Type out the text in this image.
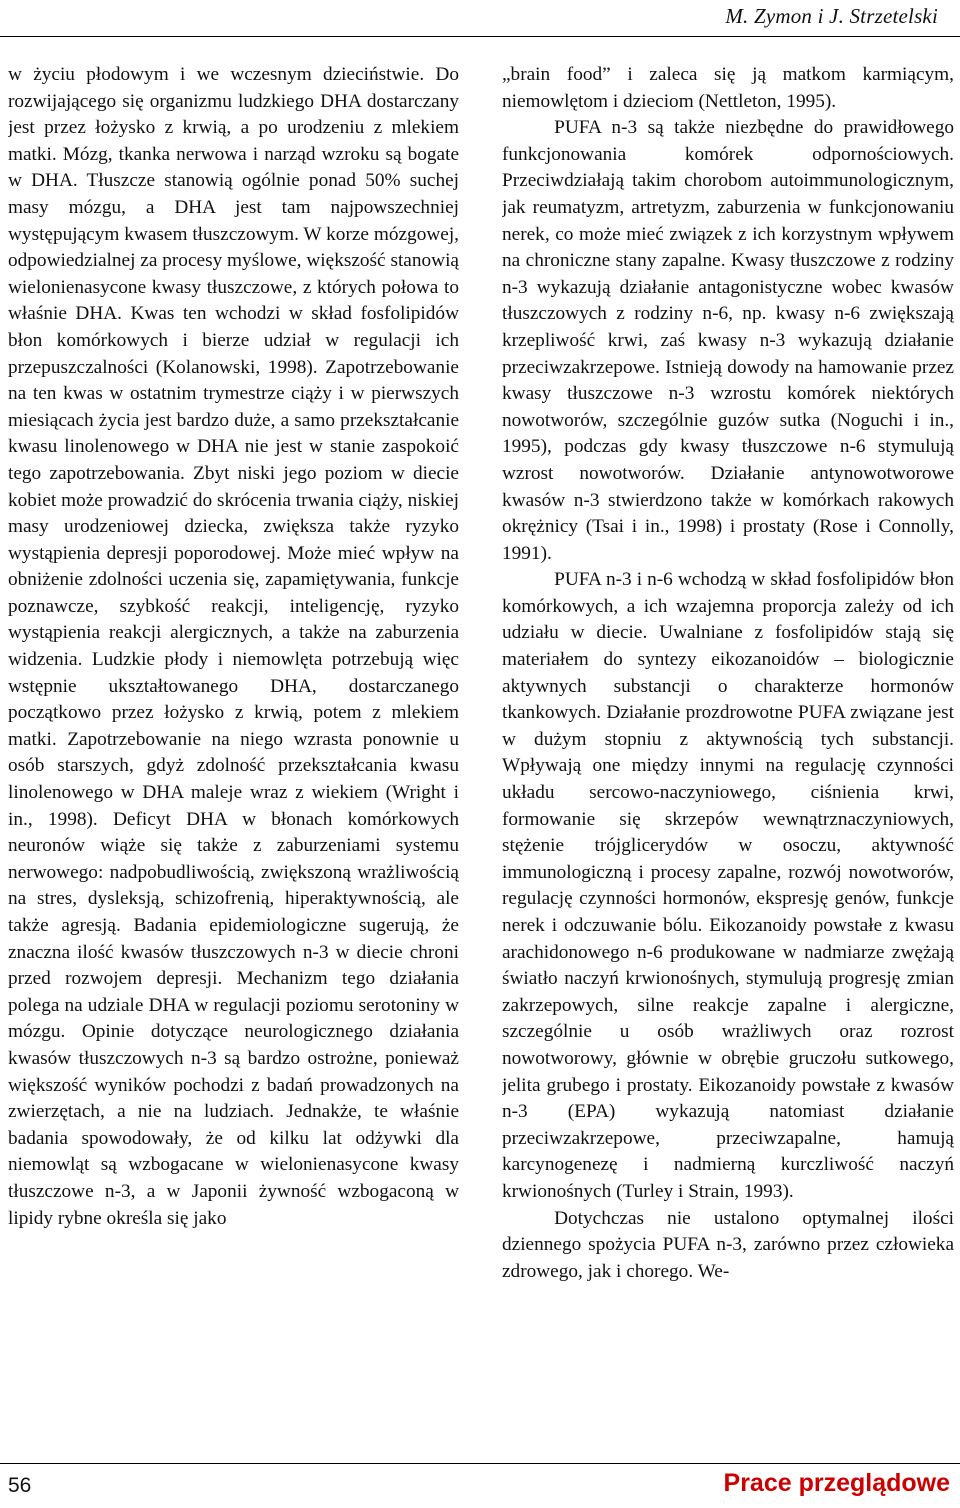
M. Zymon i J. Strzetelski

w życiu płodowym i we wczesnym dzieciństwie. Do rozwijającego się organizmu ludzkiego DHA dostarczany jest przez łożysko z krwią, a po urodzeniu z mlekiem matki. Mózg, tkanka nerwowa i narząd wzroku są bogate w DHA. Tłuszcze stanowią ogólnie ponad 50% suchej masy mózgu, a DHA jest tam najpowszechniej występującym kwasem tłuszczowym. W korze mózgowej, odpowiedzialnej za procesy myślowe, większość stanowią wielonienasycone kwasy tłuszczowe, z których połowa to właśnie DHA. Kwas ten wchodzi w skład fosfolipidów błon komórkowych i bierze udział w regulacji ich przepuszczalności (Kolanowski, 1998). Zapotrzebowanie na ten kwas w ostatnim trymestrze ciąży i w pierwszych miesiącach życia jest bardzo duże, a samo przekształcanie kwasu linolenowego w DHA nie jest w stanie zaspokoić tego zapotrzebowania. Zbyt niski jego poziom w diecie kobiet może prowadzić do skrócenia trwania ciąży, niskiej masy urodzeniowej dziecka, zwiększa także ryzyko wystąpienia depresji poporodowej. Może mieć wpływ na obniżenie zdolności uczenia się, zapamiętywania, funkcje poznawcze, szybkość reakcji, inteligencję, ryzyko wystąpienia reakcji alergicznych, a także na zaburzenia widzenia. Ludzkie płody i niemowlęta potrzebują więc wstępnie ukształtowanego DHA, dostarczanego początkowo przez łożysko z krwią, potem z mlekiem matki. Zapotrzebowanie na niego wzrasta ponownie u osób starszych, gdyż zdolność przekształcania kwasu linolenowego w DHA maleje wraz z wiekiem (Wright i in., 1998). Deficyt DHA w błonach komórkowych neuronów wiąże się także z zaburzeniami systemu nerwowego: nadpobudliwością, zwiększoną wrażliwością na stres, dysleksją, schizofrenią, hiperaktywnością, ale także agresją. Badania epidemiologiczne sugerują, że znaczna ilość kwasów tłuszczowych n-3 w diecie chroni przed rozwojem depresji. Mechanizm tego działania polega na udziale DHA w regulacji poziomu serotoniny w mózgu. Opinie dotyczące neurologicznego działania kwasów tłuszczowych n-3 są bardzo ostrożne, ponieważ większość wyników pochodzi z badań prowadzonych na zwierzętach, a nie na ludziach. Jednakże, te właśnie badania spowodowały, że od kilku lat odżywki dla niemowląt są wzbogacane w wielonienasycone kwasy tłuszczowe n-3, a w Japonii żywność wzbogaconą w lipidy rybne określa się jako

„brain food” i zaleca się ją matkom karmiącym, niemowlętom i dzieciom (Nettleton, 1995).

PUFA n-3 są także niezbędne do prawidłowego funkcjonowania komórek odpornościowych. Przeciwdziałają takim chorobom autoimmunologicznym, jak reumatyzm, artretyzm, zaburzenia w funkcjonowaniu nerek, co może mieć związek z ich korzystnym wpływem na chroniczne stany zapalne. Kwasy tłuszczowe z rodziny n-3 wykazują działanie antagonistyczne wobec kwasów tłuszczowych z rodziny n-6, np. kwasy n-6 zwiększają krzepliwość krwi, zaś kwasy n-3 wykazują działanie przeciwzakrzepowe. Istnieją dowody na hamowanie przez kwasy tłuszczowe n-3 wzrostu komórek niektórych nowotworów, szczególnie guzów sutka (Noguchi i in., 1995), podczas gdy kwasy tłuszczowe n-6 stymulują wzrost nowotworów. Działanie antynowotworowe kwasów n-3 stwierdzono także w komórkach rakowych okrężnicy (Tsai i in., 1998) i prostaty (Rose i Connolly, 1991).

PUFA n-3 i n-6 wchodzą w skład fosfolipidów błon komórkowych, a ich wzajemna proporcja zależy od ich udziału w diecie. Uwalniane z fosfolipidów stają się materiałem do syntezy eikozanoidów – biologicznie aktywnych substancji o charakterze hormonów tkankowych. Działanie prozdrowotne PUFA związane jest w dużym stopniu z aktywnością tych substancji. Wpływają one między innymi na regulację czynności układu sercowo-naczyniowego, ciśnienia krwi, formowanie się skrzepów wewnątrznaczyniowych, stężenie trójglicerydów w osoczu, aktywność immunologiczną i procesy zapalne, rozwój nowotworów, regulację czynności hormonów, ekspresję genów, funkcje nerek i odczuwanie bólu. Eikozanoidy powstałe z kwasu arachidonowego n-6 produkowane w nadmiarze zwężają światło naczyń krwionośnych, stymulują progresję zmian zakrzepowych, silne reakcje zapalne i alergiczne, szczególnie u osób wrażliwych oraz rozrost nowotworowy, głównie w obrębie gruczołu sutkowego, jelita grubego i prostaty. Eikozanoidy powstałe z kwasów n-3 (EPA) wykazują natomiast działanie przeciwzakrzepowe, przeciwzapalne, hamują karcynogenezę i nadmierną kurczliwość naczyń krwionośnych (Turley i Strain, 1993).

Dotychczas nie ustalono optymalnej ilości dziennego spożycia PUFA n-3, zarówno przez człowieka zdrowego, jak i chorego. We-

56	Prace przeglądowe
